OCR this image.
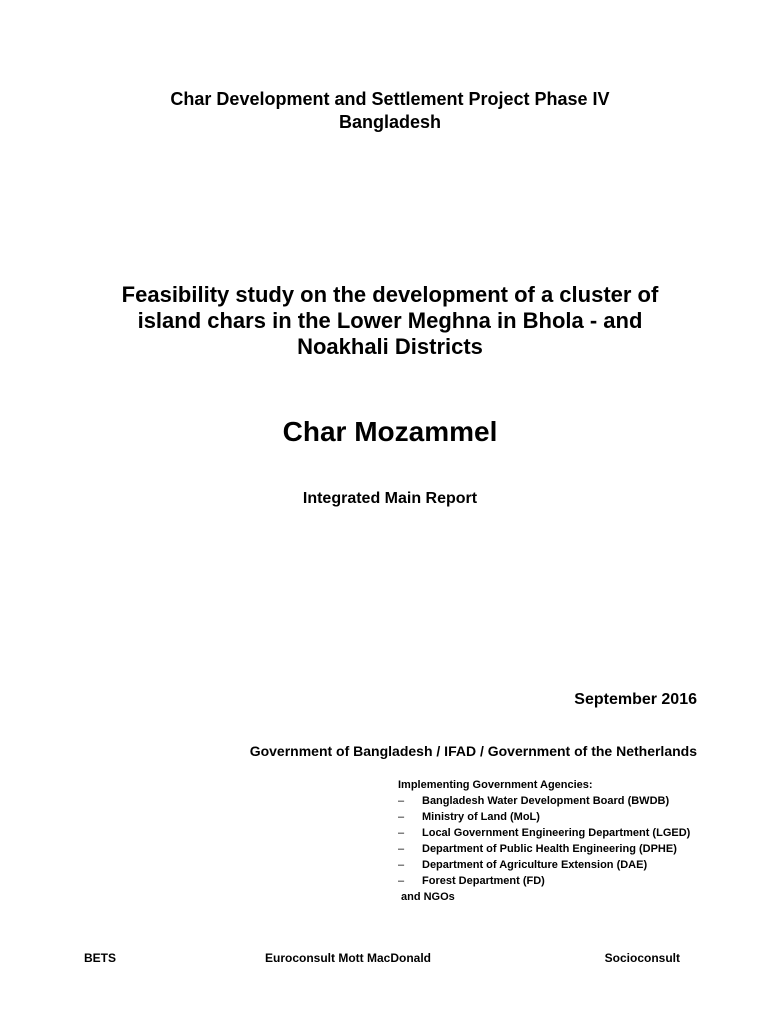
Char Development and Settlement Project Phase IV
Bangladesh
Feasibility study on the development of a cluster of
island chars in the Lower Meghna in Bhola - and
Noakhali Districts
Char Mozammel
Integrated Main Report
September 2016
Government of Bangladesh / IFAD / Government of the Netherlands
Implementing Government Agencies:
– Bangladesh Water Development Board (BWDB)
– Ministry of Land (MoL)
– Local Government Engineering Department (LGED)
– Department of Public Health Engineering (DPHE)
– Department of Agriculture Extension (DAE)
– Forest Department (FD)
and NGOs
BETS	Euroconsult Mott MacDonald	Socioconsult
